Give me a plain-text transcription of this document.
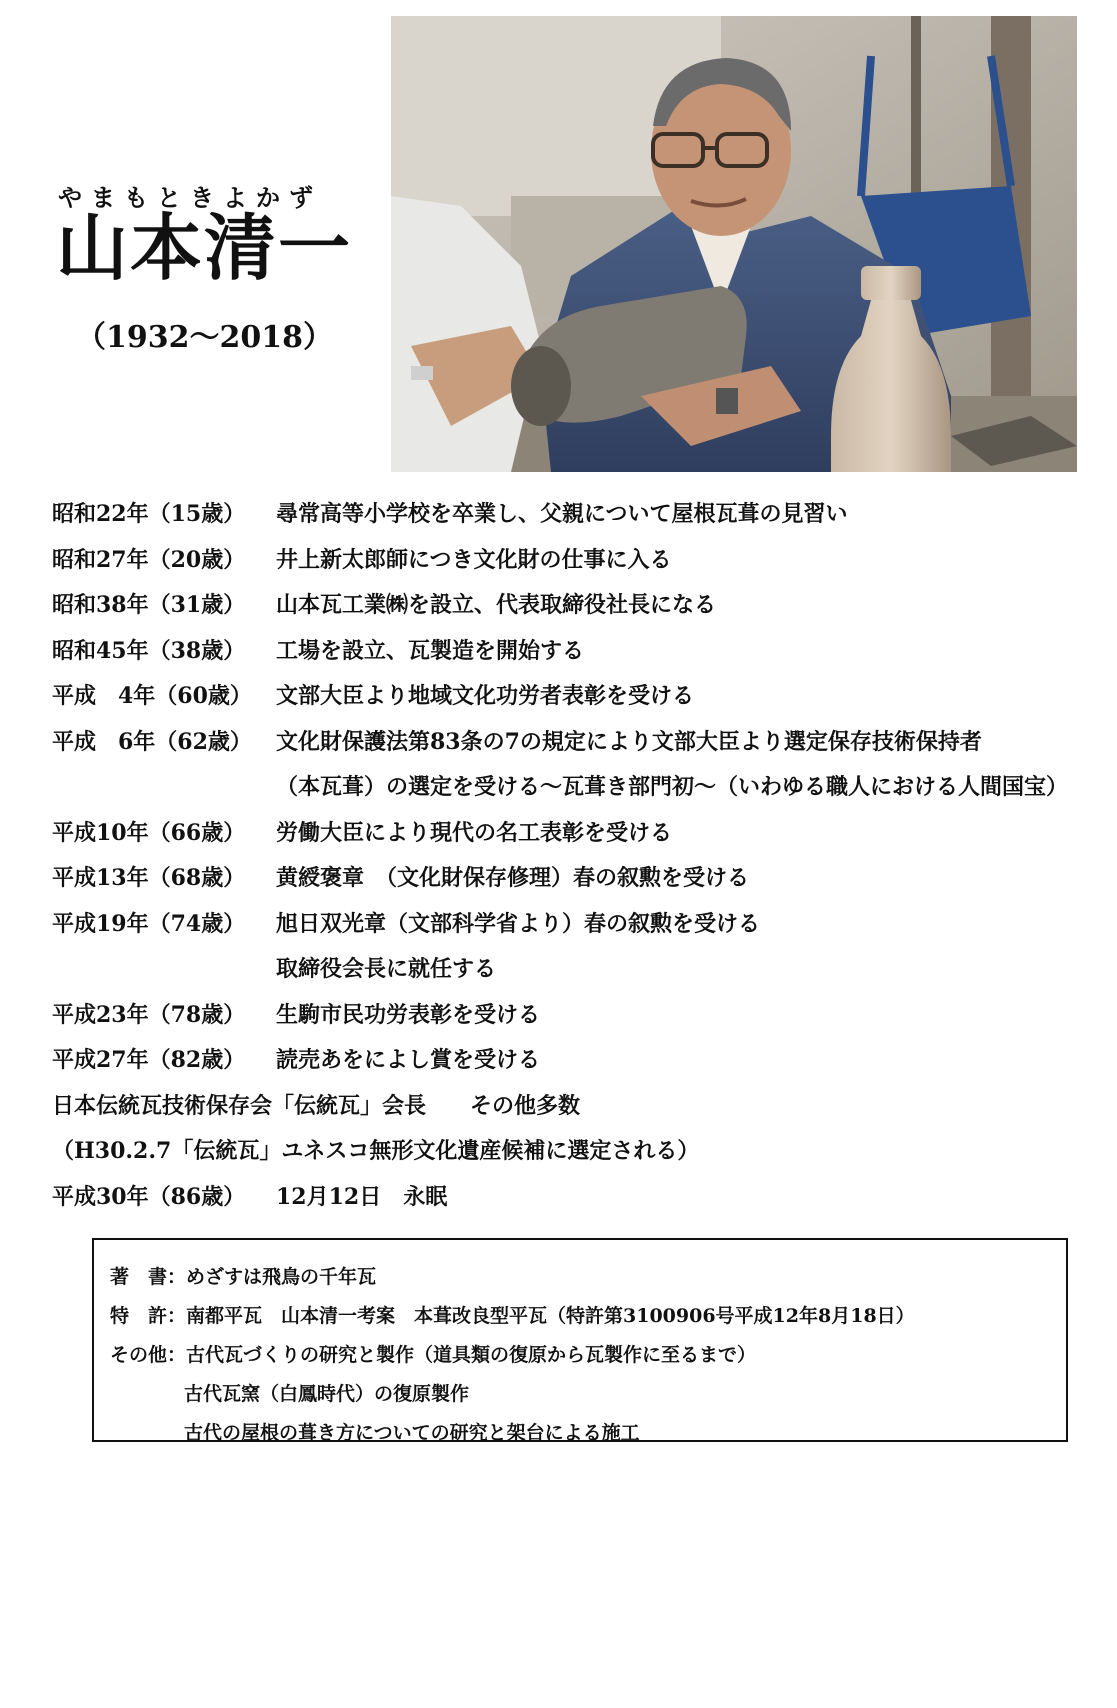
やまもときよかず
山本清一
（1932〜2018）
昭和22年（15歳）	尋常高等小学校を卒業し、父親について屋根瓦葺の見習い
昭和27年（20歳）	井上新太郎師につき文化財の仕事に入る
昭和38年（31歳）	山本瓦工業㈱を設立、代表取締役社長になる
昭和45年（38歳）	工場を設立、瓦製造を開始する
平成　4年（60歳）	文部大臣より地域文化功労者表彰を受ける
平成　6年（62歳）	文化財保護法第83条の7の規定により文部大臣より選定保存技術保持者
（本瓦葺）の選定を受ける〜瓦葺き部門初〜（いわゆる職人における人間国宝）
平成10年（66歳）	労働大臣により現代の名工表彰を受ける
平成13年（68歳）	黄綬褒章　（文化財保存修理）春の叙勲を受ける
平成19年（74歳）	旭日双光章（文部科学省より）春の叙勲を受ける
取締役会長に就任する
平成23年（78歳）	生駒市民功労表彰を受ける
平成27年（82歳）	読売あをによし賞を受ける
日本伝統瓦技術保存会「伝統瓦」会長　　その他多数
（H30.2.7「伝統瓦」ユネスコ無形文化遺産候補に選定される）
平成30年（86歳）	12月12日　永眠
著　書： めざすは飛鳥の千年瓦
特　許： 南都平瓦　山本清一考案　本葺改良型平瓦（特許第3100906号平成12年8月18日）
その他： 古代瓦づくりの研究と製作（道具類の復原から瓦製作に至るまで）
古代瓦窯（白鳳時代）の復原製作
古代の屋根の葺き方についての研究と架台による施工
